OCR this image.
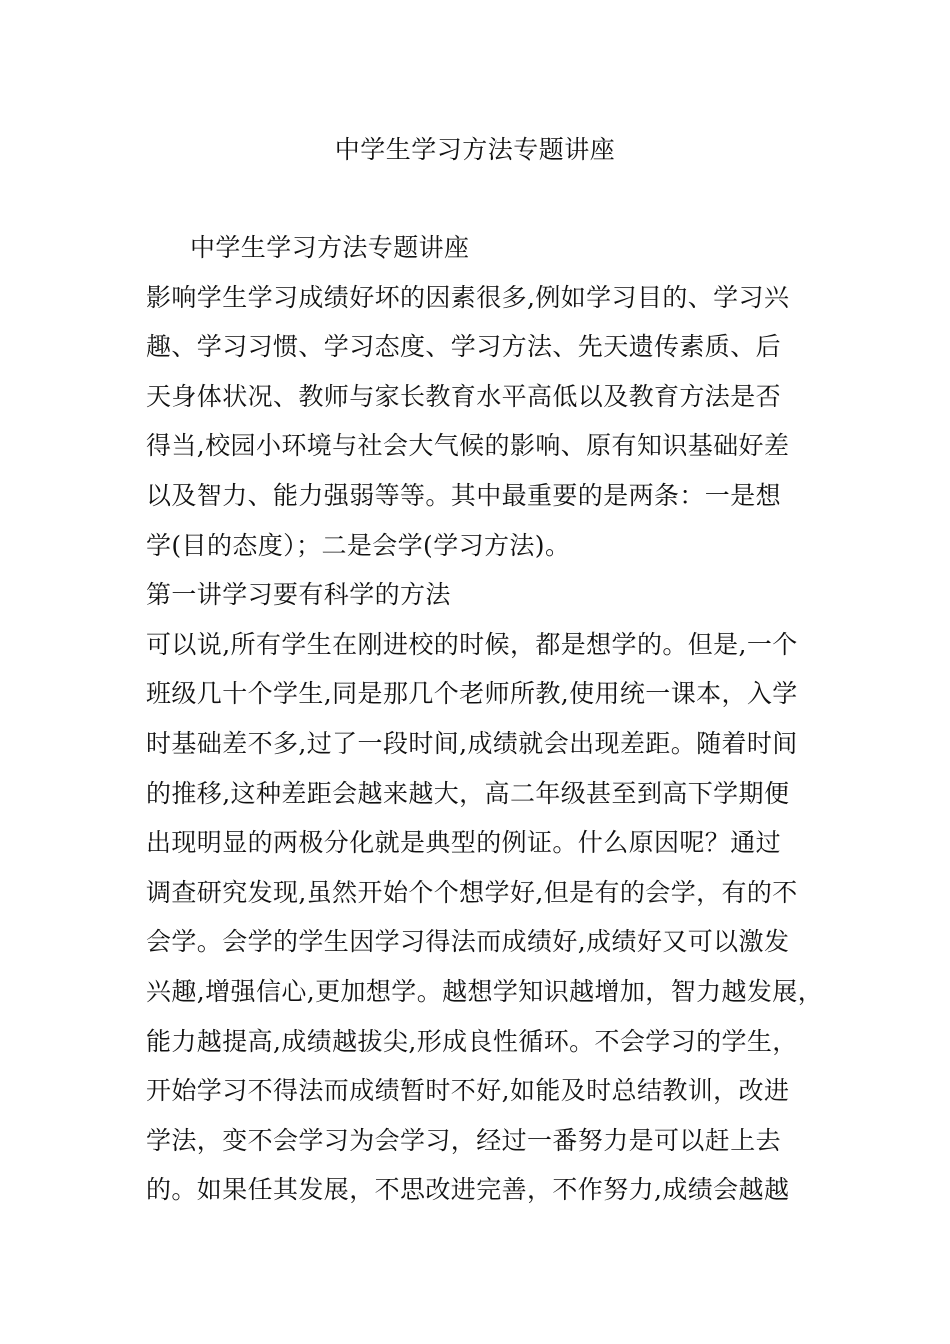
中学生学习方法专题讲座
中学生学习方法专题讲座
影响学生学习成绩好坏的因素很多,例如学习目的、学习兴
趣、学习习惯、学习态度、学习方法、先天遗传素质、后
天身体状况、教师与家长教育水平高低以及教育方法是否
得当,校园小环境与社会大气候的影响、原有知识基础好差
以及智力、能力强弱等等。其中最重要的是两条：一是想
学(目的态度）；二是会学(学习方法)。
第一讲学习要有科学的方法
可以说,所有学生在刚进校的时候，都是想学的。但是,一个
班级几十个学生,同是那几个老师所教,使用统一课本，入学
时基础差不多,过了一段时间,成绩就会出现差距。随着时间
的推移,这种差距会越来越大，高二年级甚至到高下学期便
出现明显的两极分化就是典型的例证。什么原因呢？通过
调查研究发现,虽然开始个个想学好,但是有的会学，有的不
会学。会学的学生因学习得法而成绩好,成绩好又可以激发
兴趣,增强信心,更加想学。越想学知识越增加，智力越发展，
能力越提高,成绩越拔尖,形成良性循环。不会学习的学生，
开始学习不得法而成绩暂时不好,如能及时总结教训，改进
学法，变不会学习为会学习，经过一番努力是可以赶上去
的。如果任其发展，不思改进完善，不作努力,成绩会越越
